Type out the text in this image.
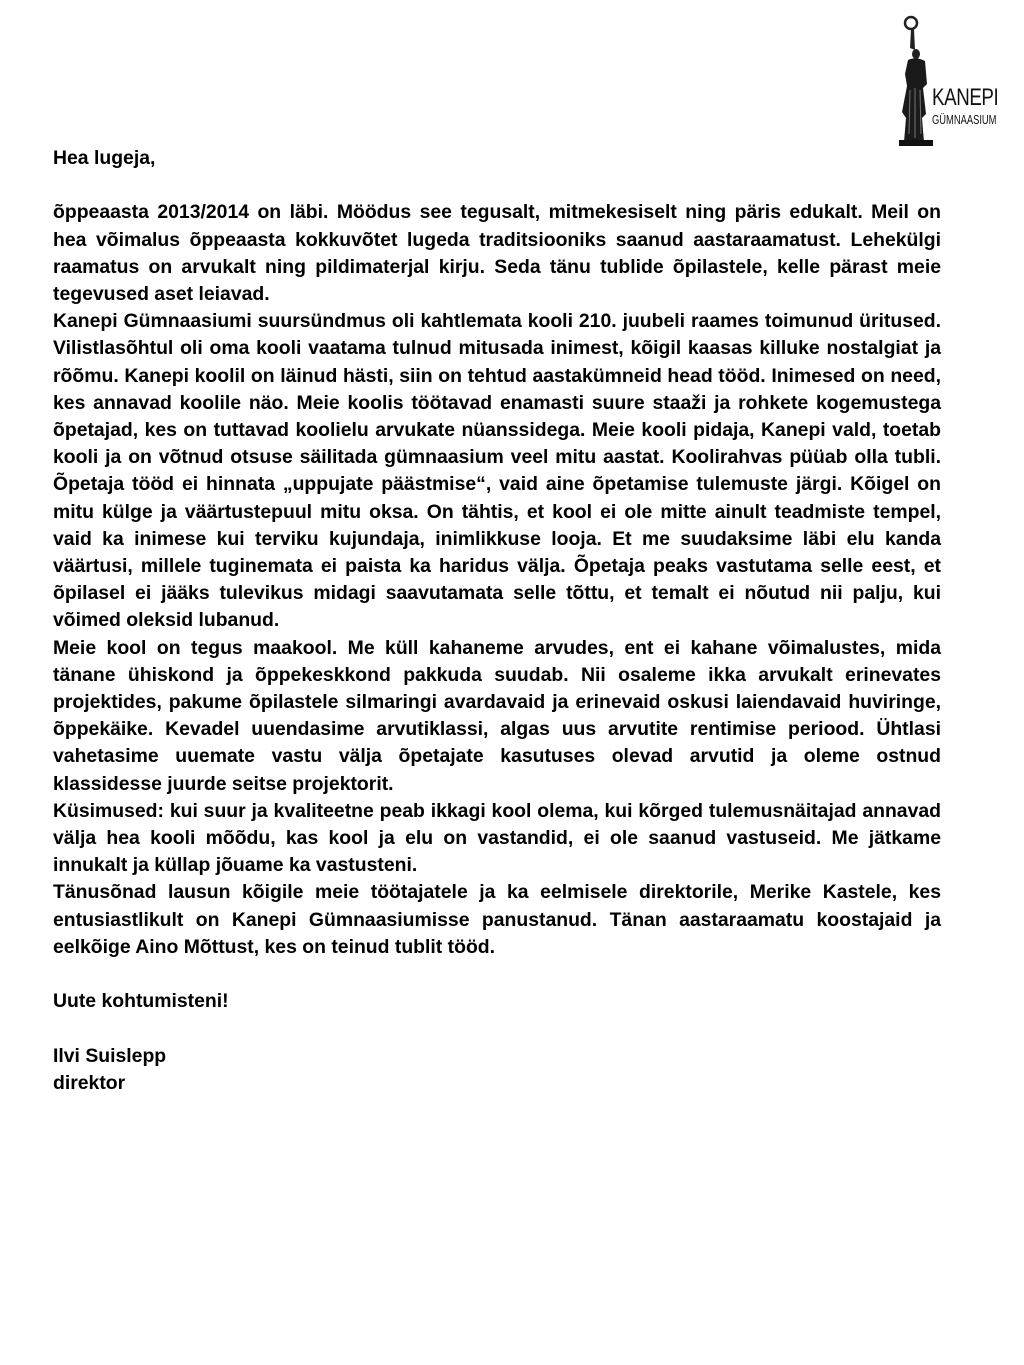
KANEPI
GÜMNAASIUM

Hea lugeja,

õppeaasta 2013/2014 on läbi. Möödus see tegusalt, mitmekesiselt ning päris edukalt. Meil on hea võimalus õppeaasta kokkuvõtet lugeda traditsiooniks saanud aastaraamatust. Lehekülgi raamatus on arvukalt ning pildimaterjal kirju. Seda tänu tublide õpilastele, kelle pärast meie tegevused aset leiavad.

Kanepi Gümnaasiumi suursündmus oli kahtlemata kooli 210. juubeli raames toimunud üritused. Vilistlasõhtul oli oma kooli vaatama tulnud mitusada inimest, kõigil kaasas killuke nostalgiat ja rõõmu. Kanepi koolil on läinud hästi, siin on tehtud aastakümneid head tööd. Inimesed on need, kes annavad koolile näo. Meie koolis töötavad enamasti suure staaži ja rohkete kogemustega õpetajad, kes on tuttavad koolielu arvukate nüanssidega. Meie kooli pidaja, Kanepi vald, toetab kooli ja on võtnud otsuse säilitada gümnaasium veel mitu aastat. Koolirahvas püüab olla tubli. Õpetaja tööd ei hinnata „uppujate päästmise“, vaid aine õpetamise tulemuste järgi. Kõigel on mitu külge ja väärtustepuul mitu oksa. On tähtis, et kool ei ole mitte ainult teadmiste tempel, vaid ka inimese kui terviku kujundaja, inimlikkuse looja. Et me suudaksime läbi elu kanda väärtusi, millele tuginemata ei paista ka haridus välja. Õpetaja peaks vastutama selle eest, et õpilasel ei jääks tulevikus midagi saavutamata selle tõttu, et temalt ei nõutud nii palju, kui võimed oleksid lubanud.

Meie kool on tegus maakool. Me küll kahaneme arvudes, ent ei kahane võimalustes, mida tänane ühiskond ja õppekeskkond pakkuda suudab. Nii osaleme ikka arvukalt erinevates projektides, pakume õpilastele silmaringi avardavaid ja erinevaid oskusi laiendavaid huviringe, õppekäike. Kevadel uuendasime arvutiklassi, algas uus arvutite rentimise periood. Ühtlasi vahetasime uuemate vastu välja õpetajate kasutuses olevad arvutid ja oleme ostnud klassidesse juurde seitse projektorit.

Küsimused: kui suur ja kvaliteetne peab ikkagi kool olema, kui kõrged tulemusnäitajad annavad välja hea kooli mõõdu, kas kool ja elu on vastandid, ei ole saanud vastuseid. Me jätkame innukalt ja küllap jõuame ka vastusteni.

Tänusõnad lausun kõigile meie töötajatele ja ka eelmisele direktorile, Merike Kastele, kes entusiastlikult on Kanepi Gümnaasiumisse panustanud. Tänan aastaraamatu koostajaid ja eelkõige Aino Mõttust, kes on teinud tublit tööd.

Uute kohtumisteni!

Ilvi Suislepp
direktor
